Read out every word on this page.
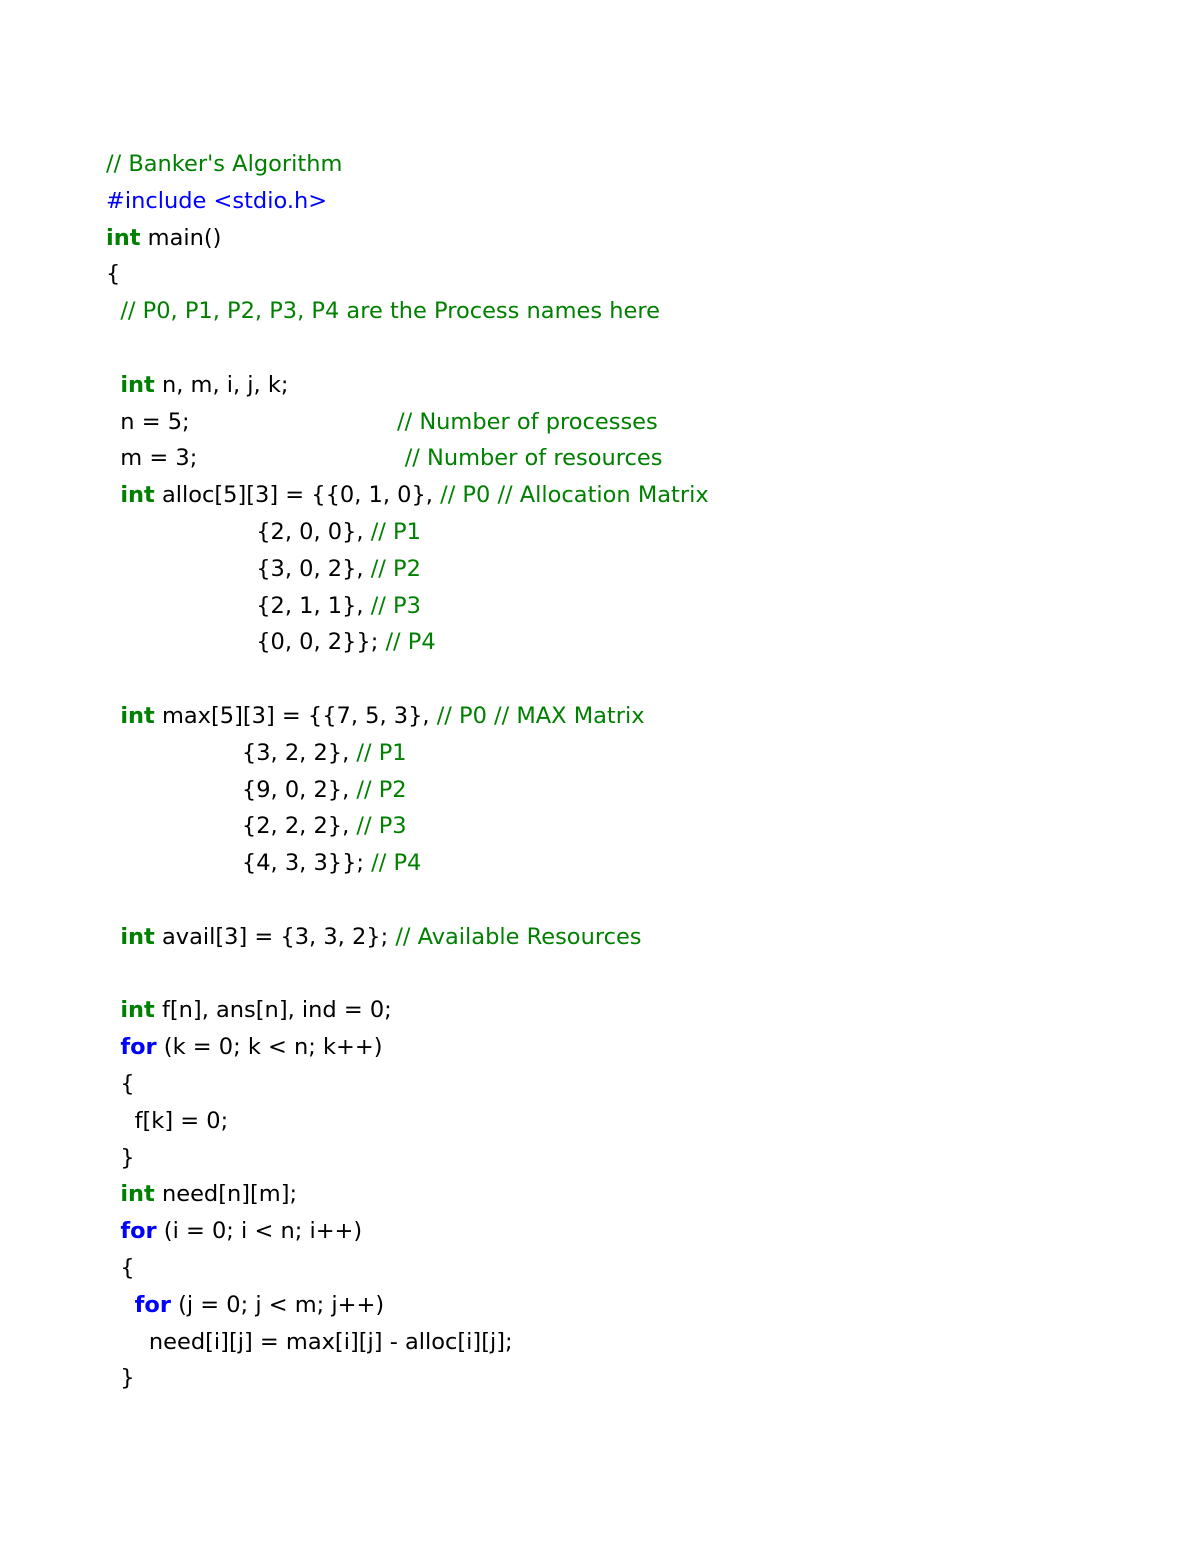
// Banker's Algorithm
#include <stdio.h>
int main()
{
// P0, P1, P2, P3, P4 are the Process names here

int n, m, i, j, k;
n = 5;                             // Number of processes
m = 3;                             // Number of resources
int alloc[5][3] = {{0, 1, 0}, // P0 // Allocation Matrix
{2, 0, 0}, // P1
{3, 0, 2}, // P2
{2, 1, 1}, // P3
{0, 0, 2}}; // P4

int max[5][3] = {{7, 5, 3}, // P0 // MAX Matrix
{3, 2, 2}, // P1
{9, 0, 2}, // P2
{2, 2, 2}, // P3
{4, 3, 3}}; // P4

int avail[3] = {3, 3, 2}; // Available Resources

int f[n], ans[n], ind = 0;
for (k = 0; k < n; k++)
{
f[k] = 0;
}
int need[n][m];
for (i = 0; i < n; i++)
{
for (j = 0; j < m; j++)
need[i][j] = max[i][j] - alloc[i][j];
}
